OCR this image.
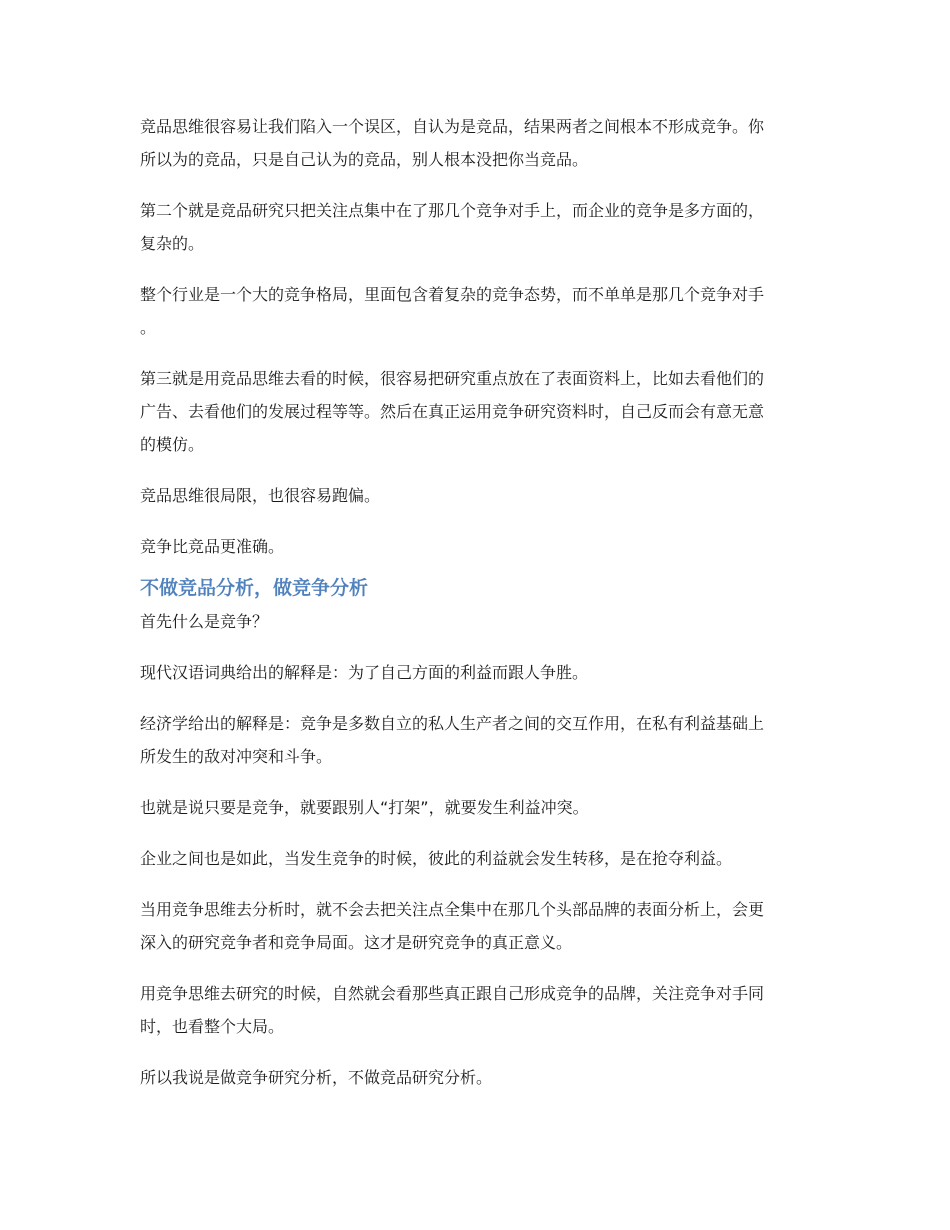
竞品思维很容易让我们陷入一个误区，自认为是竞品，结果两者之间根本不形成竞争。你
所以为的竞品，只是自己认为的竞品，别人根本没把你当竞品。

第二个就是竞品研究只把关注点集中在了那几个竞争对手上，而企业的竞争是多方面的，
复杂的。

整个行业是一个大的竞争格局，里面包含着复杂的竞争态势，而不单单是那几个竞争对手
。

第三就是用竞品思维去看的时候，很容易把研究重点放在了表面资料上，比如去看他们的
广告、去看他们的发展过程等等。然后在真正运用竞争研究资料时，自己反而会有意无意
的模仿。

竞品思维很局限，也很容易跑偏。

竞争比竞品更准确。

不做竞品分析，做竞争分析

首先什么是竞争？

现代汉语词典给出的解释是：为了自己方面的利益而跟人争胜。

经济学给出的解释是：竞争是多数自立的私人生产者之间的交互作用，在私有利益基础上
所发生的敌对冲突和斗争。

也就是说只要是竞争，就要跟别人“打架”，就要发生利益冲突。

企业之间也是如此，当发生竞争的时候，彼此的利益就会发生转移，是在抢夺利益。

当用竞争思维去分析时，就不会去把关注点全集中在那几个头部品牌的表面分析上，会更
深入的研究竞争者和竞争局面。这才是研究竞争的真正意义。

用竞争思维去研究的时候，自然就会看那些真正跟自己形成竞争的品牌，关注竞争对手同
时，也看整个大局。

所以我说是做竞争研究分析，不做竞品研究分析。
